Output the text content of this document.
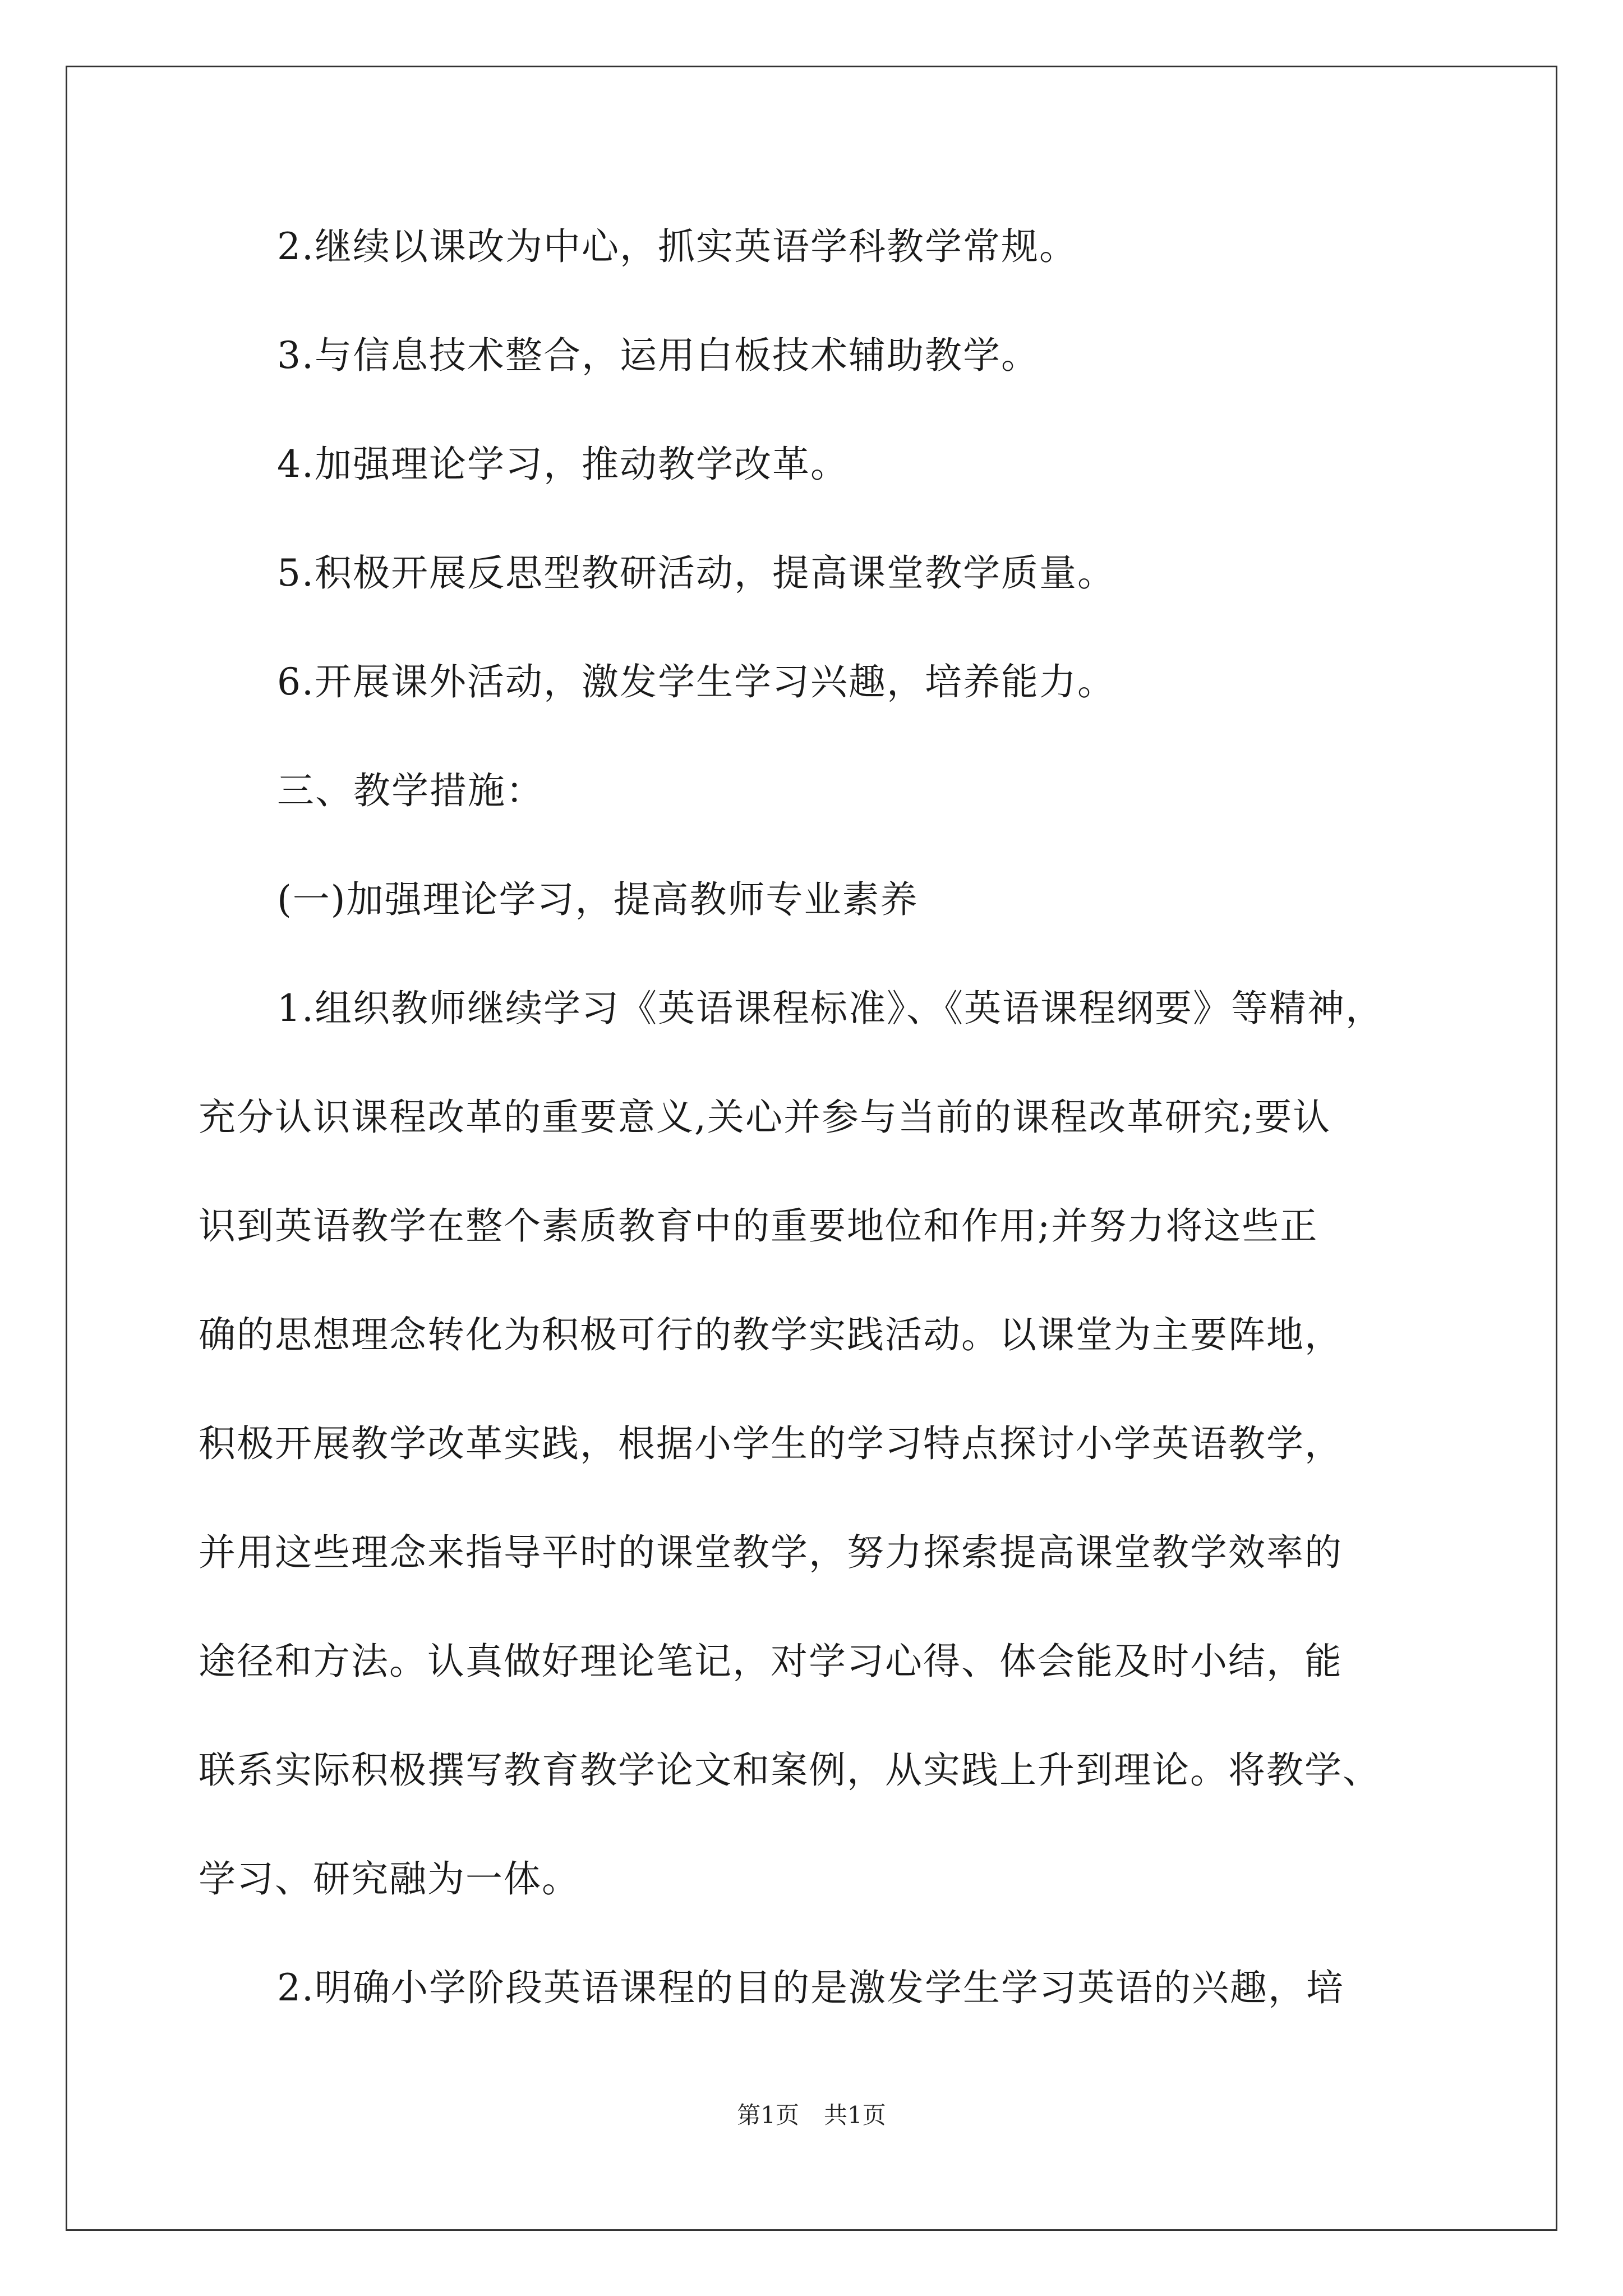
2.继续以课改为中心，抓实英语学科教学常规。
3.与信息技术整合，运用白板技术辅助教学。
4.加强理论学习，推动教学改革。
5.积极开展反思型教研活动，提高课堂教学质量。
6.开展课外活动，激发学生学习兴趣，培养能力。
三、教学措施：
(一)加强理论学习，提高教师专业素养
1.组织教师继续学习《英语课程标准》、《英语课程纲要》等精神，
充分认识课程改革的重要意义,关心并参与当前的课程改革研究;要认
识到英语教学在整个素质教育中的重要地位和作用;并努力将这些正
确的思想理念转化为积极可行的教学实践活动。以课堂为主要阵地，
积极开展教学改革实践，根据小学生的学习特点探讨小学英语教学，
并用这些理念来指导平时的课堂教学，努力探索提高课堂教学效率的
途径和方法。认真做好理论笔记，对学习心得、体会能及时小结，能
联系实际积极撰写教育教学论文和案例，从实践上升到理论。将教学、
学习、研究融为一体。
2.明确小学阶段英语课程的目的是激发学生学习英语的兴趣，培
第1页 共1页
